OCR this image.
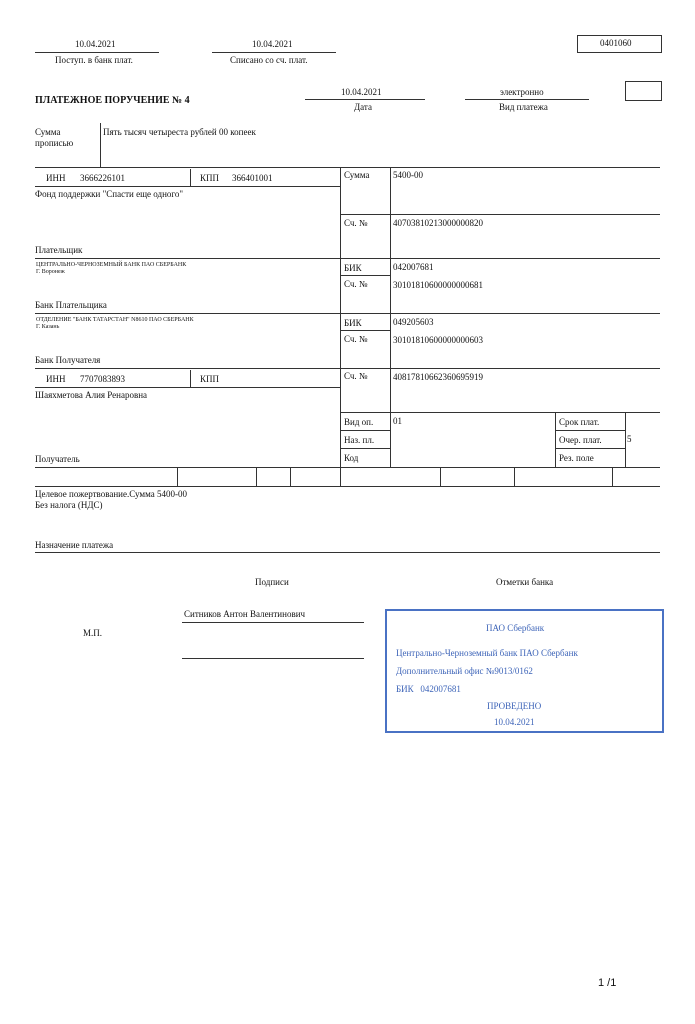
10.04.2021
Поступ. в банк плат.
10.04.2021
Списано со сч. плат.
0401060
ПЛАТЕЖНОЕ ПОРУЧЕНИЕ № 4
10.04.2021
Дата
электронно
Вид платежа
Сумма
прописью
Пять тысяч четыреста рублей 00 копеек
ИНН 3666226101	КПП 366401001
Фонд поддержки "Спасти еще одного"
Сумма	5400-00
Сч. №	40703810213000000820
Плательщик
ЦЕНТРАЛЬНО-ЧЕРНОЗЕМНЫЙ БАНК ПАО СБЕРБАНК
Г. Воронеж	БИК	042007681
Сч. №	30101810600000000681
Банк Плательщика
ОТДЕЛЕНИЕ "БАНК ТАТАРСТАН" N8610 ПАО СБЕРБАНК
Г. Казань	БИК	049205603
Сч. №	30101810600000000603
Банк Получателя
ИНН 7707083893	КПП
Шаяхметова Алия Ренаровна
Сч. №	40817810662360695919
Вид оп. 01	Срок плат.
Наз. пл.	Очер. плат.	5
Код	Рез. поле
Получатель
Целевое пожертвование.Сумма 5400-00
Без налога (НДС)
Назначение платежа
Подписи	Отметки банка
Ситников Антон Валентинович
М.П.	ПАО Сбербанк
Центрально-Черноземный банк ПАО Сбербанк
Дополнительный офис №9013/0162
БИК   042007681
ПРОВЕДЕНО
10.04.2021
1 /1
